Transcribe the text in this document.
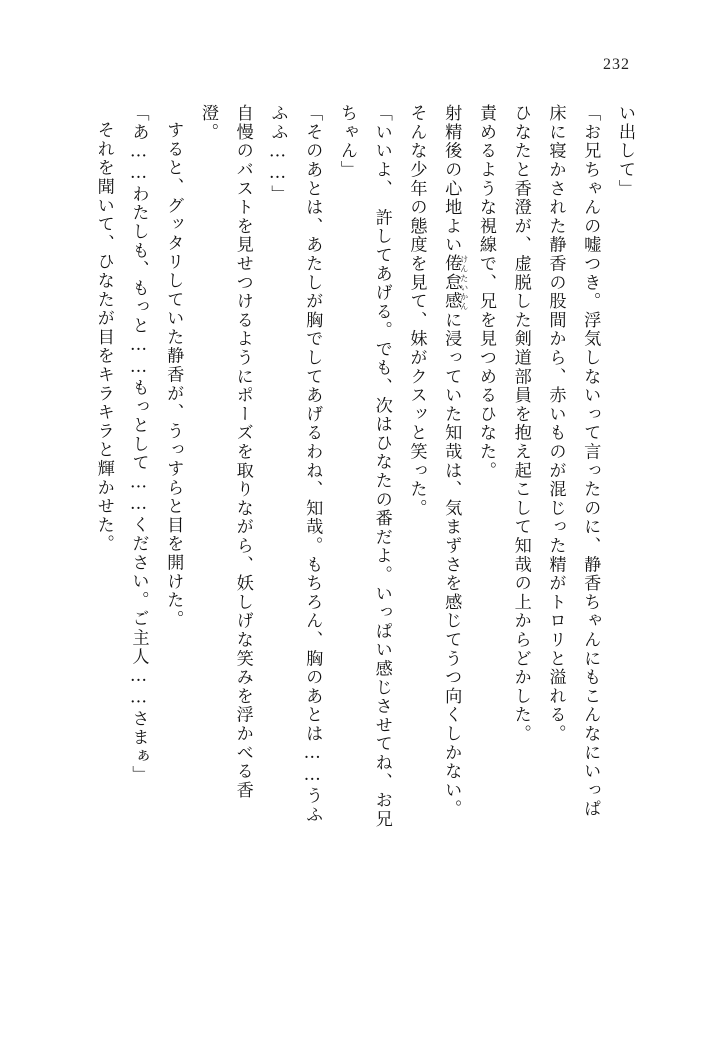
232

い出して」

「お兄ちゃんの嘘つき。浮気しないって言ったのに、静香ちゃんにもこんなにいっぱ

床に寝かされた静香の股間から、赤いものが混じった精がトロリと溢れる。

ひなたと香澄が、虚脱した剣道部員を抱え起こして知哉の上からどかした。

責めるような視線で、兄を見つめるひなた。

射精後の心地よい倦怠感けんたいかんに浸っていた知哉は、気まずさを感じてうつ向くしかない。

そんな少年の態度を見て、妹がクスッと笑った。

「いいよ、　許してあげる。でも、次はひなたの番だよ。いっぱい感じさせてね、お兄

ちゃん」

「そのあとは、あたしが胸でしてあげるわね、知哉。もちろん、胸のあとは……うふ

ふふ……」

自慢のバストを見せつけるようにポーズを取りながら、妖しげな笑みを浮かべる香

澄。

すると、グッタリしていた静香が、うっすらと目を開けた。

「あ……わたしも、もっと……もっとして……ください。ご主人……さまぁ」

それを聞いて、ひなたが目をキラキラと輝かせた。
